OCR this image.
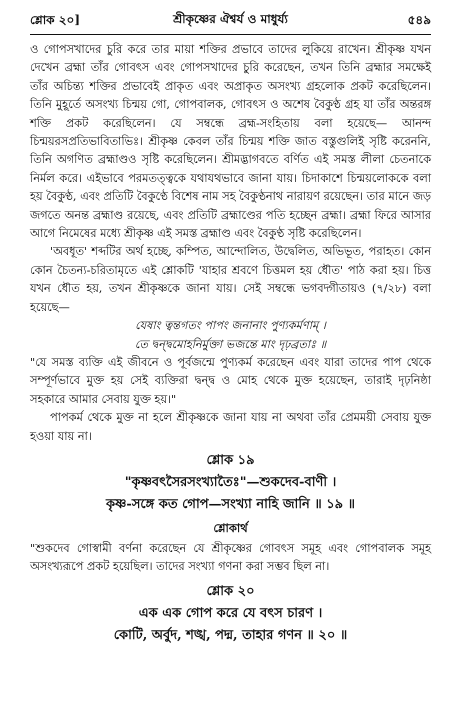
শ্লোক ২০]	শ্রীকৃষ্ণের ঐশ্বর্য ও মাধুর্য্য	৫৪৯

ও গোপসখাদের চুরি করে তার মায়া শক্তির প্রভাবে তাদের লুকিয়ে রাখেন। শ্রীকৃষ্ণ যখন দেখেন ব্রহ্মা তাঁর গোবৎস এবং গোপসখাদের চুরি করেছেন, তখন তিনি ব্রহ্মার সমক্ষেই তাঁর অচিন্ত্য শক্তির প্রভাবেই প্রাকৃত এবং অপ্রাকৃত অসংখ্য গ্রহলোক প্রকট করেছিলেন। তিনি মুহূর্তে অসংখ্য চিন্ময় গো, গোপবালক, গোবৎস ও অশেষ বৈকুণ্ঠ গ্রহ যা তাঁর অন্তরঙ্গ শক্তি প্রকট করেছিলেন। যে সম্বন্ধে ব্রহ্ম-সংহিতায় বলা হয়েছে— আনন্দ চিন্ময়রসপ্রতিভাবিতাভিঃ। শ্রীকৃষ্ণ কেবল তাঁর চিন্ময় শক্তি জাত বস্তুগুলিই সৃষ্টি করেননি, তিনি অগণিত ব্রহ্মাণ্ডও সৃষ্টি করেছিলেন। শ্রীমদ্ভাগবতে বর্ণিত এই সমস্ত লীলা চেতনাকে নির্মল করে। এইভাবে পরমতত্ত্বকে যথাযথভাবে জানা যায়। চিদাকাশে চিন্ময়লোককে বলা হয় বৈকুণ্ঠ, এবং প্রতিটি বৈকুণ্ঠে বিশেষ নাম সহ বৈকুণ্ঠনাথ নারায়ণ রয়েছেন। তার মানে জড় জগতে অনন্ত ব্রহ্মাণ্ড রয়েছে, এবং প্রতিটি ব্রহ্মাণ্ডের পতি হচ্ছেন ব্রহ্মা। ব্রহ্মা ফিরে আসার আগে নিমেষের মধ্যে শ্রীকৃষ্ণ এই সমস্ত ব্রহ্মাণ্ড এবং বৈকুণ্ঠ সৃষ্টি করেছিলেন।

'অবধূত' শব্দটির অর্থ হচ্ছে, কম্পিত, আন্দোলিত, উদ্বেলিত, অভিভূত, পরাহত। কোন কোন চৈতন্য-চরিতামৃতে এই শ্লোকটি 'যাহার শ্রবণে চিত্তমল হয় ধৌত' পাঠ করা হয়। চিত্ত যখন ধৌত হয়, তখন শ্রীকৃষ্ণকে জানা যায়। সেই সম্বন্ধে ভগবদ্গীতায়ও (৭/২৮) বলা হয়েছে—

যেষাং ত্বন্তগতং পাপং জনানাং পুণ্যকর্মণাম্ ।

তে দ্বন্দ্বমোহনির্মুক্তা ভজন্তে মাং দৃঢ়ব্রতাঃ ॥

"যে সমস্ত ব্যক্তি এই জীবনে ও পূর্বজন্মে পুণ্যকর্ম করেছেন এবং যারা তাদের পাপ থেকে সম্পূর্ণভাবে মুক্ত হয় সেই ব্যক্তিরা দ্বন্দ্ব ও মোহ থেকে মুক্ত হয়েছেন, তারাই দৃঢ়নিষ্ঠা সহকারে আমার সেবায় যুক্ত হয়।"

পাপকর্ম থেকে মুক্ত না হলে শ্রীকৃষ্ণকে জানা যায় না অথবা তাঁর প্রেমময়ী সেবায় যুক্ত হওয়া যায় না।

শ্লোক ১৯

"কৃষ্ণবৎসৈরসংখ্যাতৈঃ"—শুকদেব-বাণী ।

কৃষ্ণ-সঙ্গে কত গোপ—সংখ্যা নাহি জানি ॥ ১৯ ॥

শ্লোকার্থ

"শুকদেব গোস্বামী বর্ণনা করেছেন যে শ্রীকৃষ্ণের গোবৎস সমূহ এবং গোপবালক সমূহ অসংখ্যরূপে প্রকট হয়েছিল। তাদের সংখ্যা গণনা করা সম্ভব ছিল না।

শ্লোক ২০

এক এক গোপ করে যে বৎস চারণ ।

কোটি, অর্বুদ, শঙ্খ, পদ্ম, তাহার গণন ॥ ২০ ॥
